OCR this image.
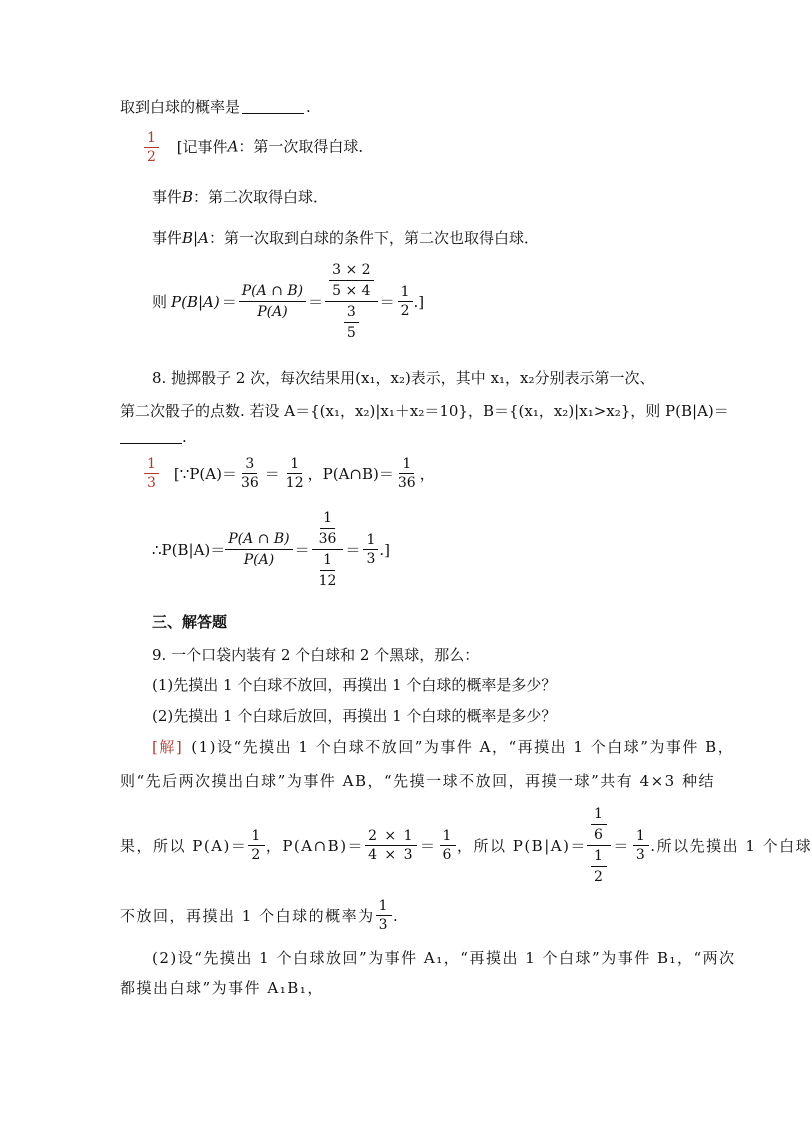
取到白球的概率是	.
$\frac{1}{2}$ [记事件A：第一次取得白球．
事件B：第二次取得白球．
事件B|A：第一次取到白球的条件下，第二次也取得白球．
则 $P(B|A) = \frac{P(A \cap B)}{P(A)} = \frac{\frac{3 \times 2}{5 \times 4}}{\frac{3}{5}} = \frac{1}{2}$ .]
8. 抛掷骰子 2 次，每次结果用(x₁，x₂)表示，其中 x₁，x₂分别表示第一次、
第二次骰子的点数. 若设 A＝{(x₁，x₂)|x₁＋x₂＝10}，B＝{(x₁，x₂)|x₁>x₂}，则 P(B|A)＝
.
$\frac{1}{3}$ [∵P(A)＝ $\frac{3}{36} = \frac{1}{12}$ ，P(A∩B)＝ $\frac{1}{36}$ ，
∴P(B|A)＝ $\frac{P(A \cap B)}{P(A)} = \frac{\frac{1}{36}}{\frac{1}{12}} = \frac{1}{3}$ .]
三、解答题
9. 一个口袋内装有 2 个白球和 2 个黑球，那么：
(1)先摸出 1 个白球不放回，再摸出 1 个白球的概率是多少？
(2)先摸出 1 个白球后放回，再摸出 1 个白球的概率是多少？
[解] (1)设“先摸出 1 个白球不放回”为事件 A，“再摸出 1 个白球”为事件 B，
则“先后两次摸出白球”为事件 AB，“先摸一球不放回，再摸一球”共有 4×3 种结
果，所以 $P(A)= \frac{1}{2}$ ，P(A∩B)＝ $\frac{2 \times 1}{4 \times 3} = \frac{1}{6}$ ，所以 $P(B|A)= \frac{\frac{1}{6}}{\frac{1}{2}} = \frac{1}{3}$ .所以先摸出 1 个白球
不放回，再摸出 1 个白球的概率为 $\frac{1}{3}$ .
(2)设“先摸出 1 个白球放回”为事件 A₁，“再摸出 1 个白球”为事件 B₁，“两次
都摸出白球”为事件 A₁B₁，
